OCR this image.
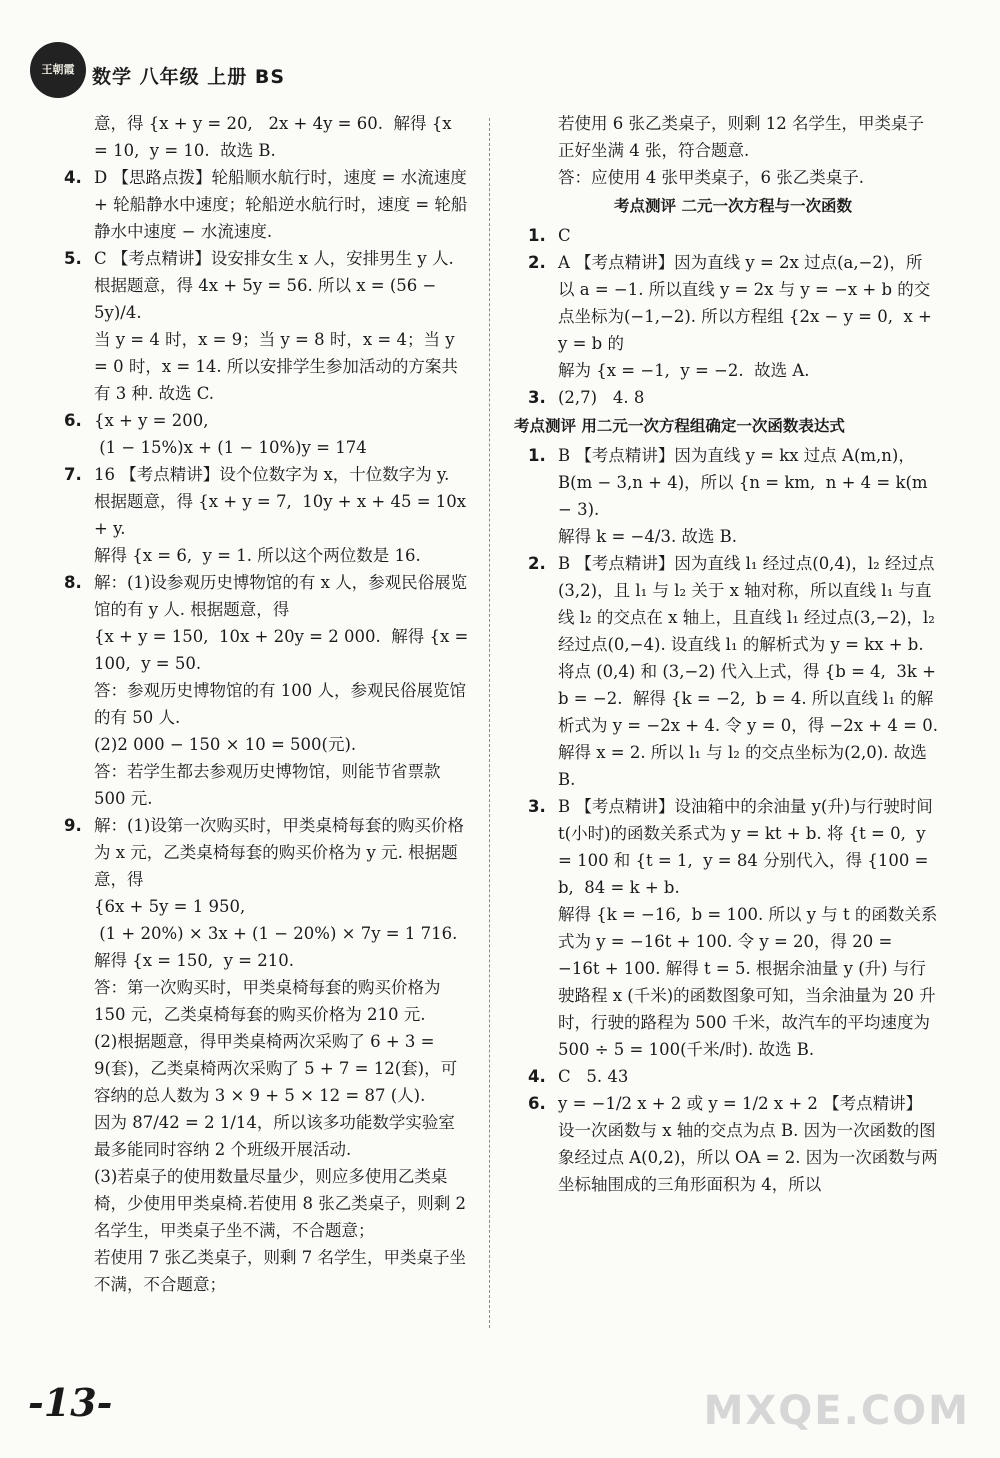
王朝霞 数学 八年级 上册 BS
意，得 {x + y = 20,   2x + 4y = 60.  解得 {x = 10,  y = 10.  故选 B.
4. D 【思路点拨】轮船顺水航行时，速度 = 水流速度 + 轮船静水中速度；轮船逆水航行时，速度 = 轮船静水中速度 − 水流速度.
5. C 【考点精讲】设安排女生 x 人，安排男生 y 人. 根据题意，得 4x + 5y = 56. 所以 x = (56 − 5y)/4.
当 y = 4 时，x = 9；当 y = 8 时，x = 4；当 y = 0 时，x = 14. 所以安排学生参加活动的方案共有 3 种. 故选 C.
6. {x + y = 200,
(1 − 15%)x + (1 − 10%)y = 174
7. 16 【考点精讲】设个位数字为 x，十位数字为 y. 根据题意，得 {x + y = 7,  10y + x + 45 = 10x + y.
解得 {x = 6,  y = 1. 所以这个两位数是 16.
8. 解：(1)设参观历史博物馆的有 x 人，参观民俗展览馆的有 y 人. 根据题意，得
{x + y = 150,  10x + 20y = 2 000.  解得 {x = 100,  y = 50.
答：参观历史博物馆的有 100 人，参观民俗展览馆的有 50 人.
(2)2 000 − 150 × 10 = 500(元).
答：若学生都去参观历史博物馆，则能节省票款 500 元.
9. 解：(1)设第一次购买时，甲类桌椅每套的购买价格为 x 元，乙类桌椅每套的购买价格为 y 元. 根据题意，得
{6x + 5y = 1 950,
(1 + 20%) × 3x + (1 − 20%) × 7y = 1 716.
解得 {x = 150,  y = 210.
答：第一次购买时，甲类桌椅每套的购买价格为 150 元，乙类桌椅每套的购买价格为 210 元.
(2)根据题意，得甲类桌椅两次采购了 6 + 3 = 9(套)，乙类桌椅两次采购了 5 + 7 = 12(套)，可容纳的总人数为 3 × 9 + 5 × 12 = 87 (人).
因为 87/42 = 2 1/14，所以该多功能数学实验室最多能同时容纳 2 个班级开展活动.
(3)若桌子的使用数量尽量少，则应多使用乙类桌椅，少使用甲类桌椅.若使用 8 张乙类桌子，则剩 2 名学生，甲类桌子坐不满，不合题意；
若使用 7 张乙类桌子，则剩 7 名学生，甲类桌子坐不满，不合题意；
若使用 6 张乙类桌子，则剩 12 名学生，甲类桌子正好坐满 4 张，符合题意.
答：应使用 4 张甲类桌子，6 张乙类桌子.
考点测评 二元一次方程与一次函数
1. C
2. A 【考点精讲】因为直线 y = 2x 过点(a,−2)，所以 a = −1. 所以直线 y = 2x 与 y = −x + b 的交点坐标为(−1,−2). 所以方程组 {2x − y = 0,  x + y = b 的
解为 {x = −1,  y = −2.  故选 A.
3. (2,7)   4. 8
考点测评 用二元一次方程组确定一次函数表达式
1. B 【考点精讲】因为直线 y = kx 过点 A(m,n)，B(m − 3,n + 4)，所以 {n = km,  n + 4 = k(m − 3).
解得 k = −4/3. 故选 B.
2. B 【考点精讲】因为直线 l₁ 经过点(0,4)，l₂ 经过点(3,2)，且 l₁ 与 l₂ 关于 x 轴对称，所以直线 l₁ 与直线 l₂ 的交点在 x 轴上，且直线 l₁ 经过点(3,−2)，l₂ 经过点(0,−4). 设直线 l₁ 的解析式为 y = kx + b. 将点 (0,4) 和 (3,−2) 代入上式，得 {b = 4,  3k + b = −2.  解得 {k = −2,  b = 4. 所以直线 l₁ 的解析式为 y = −2x + 4. 令 y = 0，得 −2x + 4 = 0. 解得 x = 2. 所以 l₁ 与 l₂ 的交点坐标为(2,0). 故选 B.
3. B 【考点精讲】设油箱中的余油量 y(升)与行驶时间 t(小时)的函数关系式为 y = kt + b. 将 {t = 0,  y = 100 和 {t = 1,  y = 84 分别代入，得 {100 = b,  84 = k + b.
解得 {k = −16,  b = 100. 所以 y 与 t 的函数关系式为 y = −16t + 100. 令 y = 20，得 20 = −16t + 100. 解得 t = 5. 根据余油量 y (升) 与行驶路程 x (千米)的函数图象可知，当余油量为 20 升时，行驶的路程为 500 千米，故汽车的平均速度为 500 ÷ 5 = 100(千米/时). 故选 B.
4. C   5. 43
6. y = −1/2 x + 2 或 y = 1/2 x + 2 【考点精讲】设一次函数与 x 轴的交点为点 B. 因为一次函数的图象经过点 A(0,2)，所以 OA = 2. 因为一次函数与两坐标轴围成的三角形面积为 4，所以
-13-	MXQE.COM
